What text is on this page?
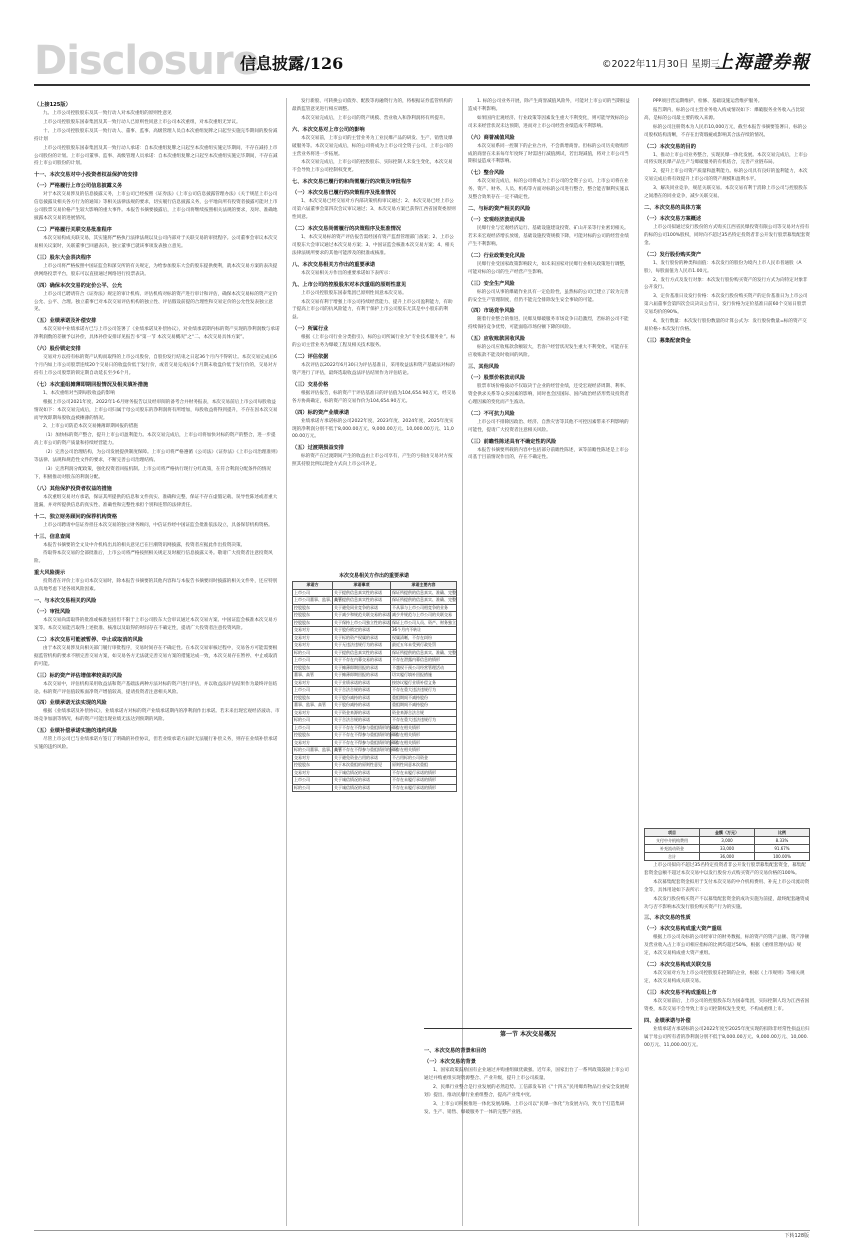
Disclosure
信息披露/126	©2022年11月30日 星期三
上海證券報
（上接125版）
九、上市公司控股股东及其一致行动人对本次重组的原则性意见
上市公司控股股东国泰集团及其一致行动人已原则性同意上市公司本次重组，对本次重组无异议。
十、上市公司控股股东及其一致行动人、董事、监事、高级管理人员自本次重组复牌之日起至实施完毕期间的股份减持计划
上市公司控股股东国泰集团及其一致行动人承诺：自本次重组复牌之日起至本次重组实施完毕期间，不存在减持上市公司股份的计划。上市公司董事、监事、高级管理人员承诺：自本次重组复牌之日起至本次重组实施完毕期间，不存在减持上市公司股份的计划。
十一、本次交易对中小投资者权益保护的安排
（一）严格履行上市公司信息披露义务
对于本次交易涉及的信息披露义务，上市公司已经按照《证券法》《上市公司信息披露管理办法》《关于规范上市公司信息披露及相关各方行为的通知》等相关法律法规的要求，切实履行信息披露义务，公平地向所有投资者披露可能对上市公司股票交易价格产生较大影响的重大事件。本报告书摘要披露后，上市公司将继续按照相关法规的要求，及时、准确地披露本次交易的进展情况。
（二）严格履行关联交易批准程序
本次交易构成关联交易，其实施将严格执行法律法规以及公司内部对于关联交易的审批程序。公司董事会审议本次交易相关议案时，关联董事已回避表决，独立董事已就该事项发表独立意见。
（三）股东大会表决程序
上市公司将严格按照中国证监会和深交所的有关规定，为给参加股东大会的股东提供便利，就本次交易方案的表决提供网络投票平台，股东可以直接通过网络进行投票表决。
（四）确保本次交易的定价公平、公允
上市公司已聘请符合《证券法》规定的审计机构、评估机构对标的资产进行审计和评估，确保本次交易标的资产定价公允、公平、合理。独立董事已对本次交易评估机构的独立性、评估假设前提的合理性和交易定价的公允性发表独立意见。
（五）业绩承诺及补偿安排
本次交易中业绩承诺方已与上市公司签署了《业绩承诺及补偿协议》，对业绩承诺期内标的资产实现的净利润数与承诺净利润数的差额予以补偿，具体补偿安排详见报告书“第一节 本次交易概况”之“二、本次交易具体方案”。
（六）股份锁定安排
交易对方以持有标的资产认购而取得的上市公司股份，自股份发行结束之日起36个月内不得转让。本次交易完成后6个月内如上市公司股票连续20个交易日的收盘价低于发行价，或者交易完成后6个月期末收盘价低于发行价的，交易对方持有上市公司股票的锁定期自动延长至少6个月。
（七）本次重组摊薄即期回报情况及相关填补措施
1、本次重组对当期每股收益的影响
根据上市公司2021年度、2022年1-6月财务报告以及经审阅的备考合并财务报表，本次交易前后上市公司每股收益情况如下：本次交易完成后，上市公司归属于母公司股东的净利润将有所增加，每股收益将得到提升，不存在因本次交易而导致即期每股收益被摊薄的情况。
2、上市公司防范本次交易摊薄即期回报的措施
（1）加快标的资产整合，提升上市公司盈利能力。本次交易完成后，上市公司将加快对标的资产的整合，进一步提高上市公司的资产质量和持续经营能力。
（2）完善公司治理结构，为公司发展提供制度保障。上市公司将严格遵循《公司法》《证券法》《上市公司治理准则》等法律、法规和规范性文件的要求，不断完善公司治理结构。
（3）完善利润分配政策，强化投资者回报机制。上市公司将严格执行现行分红政策，在符合利润分配条件的情况下，积极推动对股东的利润分配。
（八）其他保护投资者权益的措施
本次重组交易对方承诺，保证其所提供的信息和文件真实、准确和完整，保证不存在虚假记载、误导性陈述或者重大遗漏，并对所提供信息的真实性、准确性和完整性承担个别和连带的法律责任。
十二、独立财务顾问的保荐机构资格
上市公司聘请中信证券担任本次交易的独立财务顾问，中信证券经中国证监会批准依法设立，具备保荐机构资格。
十三、信息查阅
本报告书摘要的全文及中介机构出具的相关意见已在巨潮资讯网披露，投资者应据此作出投资决策。
待取得本次交易的全部批准后，上市公司将严格按照相关规定及时履行信息披露义务。敬请广大投资者注意投资风险。
重大风险提示
投资者在评价上市公司本次交易时，除本报告书摘要的其他内容和与本报告书摘要同时披露的相关文件外，还应特别认真地考虑下述各项风险因素。
一、与本次交易相关的风险
（一）审批风险
本次交易尚需取得的批准或核准包括但不限于上市公司股东大会审议通过本次交易方案、中国证监会核准本次交易方案等。本次交易能否取得上述批准、核准以及取得的时间存在不确定性，提请广大投资者注意投资风险。
（二）本次交易可能被暂停、中止或取消的风险
由于本次交易涉及向相关部门履行审批程序，交易时间存在不确定性。在本次交易审核过程中，交易各方可能需要根据监管机构的要求不断完善交易方案，如交易各方无法就完善交易方案的措施达成一致，本次交易存在暂停、中止或取消的可能。
（三）标的资产评估增值率较高的风险
本次交易中，评估机构采用收益法和资产基础法两种方法对标的资产进行评估，并以收益法评估结果作为最终评估结论。标的资产评估值较账面净资产增值较高，提请投资者注意相关风险。
（四）业绩承诺无法实现的风险
根据《业绩承诺及补偿协议》，业绩承诺方对标的资产业绩承诺期内的净利润作出承诺。若未来出现宏观经济波动、市场竞争加剧等情况，标的资产可能出现业绩无法达到预期的风险。
（五）业绩补偿承诺实施的违约风险
尽管上市公司已与业绩承诺方签订了明确的补偿协议，但若业绩承诺方届时无法履行补偿义务，则存在业绩补偿承诺实施的违约风险。
发行新股、可转换公司债券、配股等再融资行为的，将根据证券监管机构的最新监管意见进行相应调整。
本次交易完成后，上市公司的资产规模、营业收入和净利润将有所提升。
六、本次交易对上市公司的影响
本次交易前，上市公司的主营业务为工业民爆产品的研发、生产、销售及爆破服务等。本次交易完成后，标的公司将成为上市公司全资子公司，上市公司的主营业务将进一步拓展。
本次交易完成后，上市公司的控股股东、实际控制人未发生变化，本次交易不会导致上市公司控制权变更。
七、本次交易已履行的和尚需履行的决策及审批程序
（一）本次交易已履行的决策程序及批准情况
1、本次交易已经交易对方内部决策机构审议通过；2、本次交易已经上市公司第六届董事会第四次会议审议通过；3、本次交易方案已获得江西省国资委原则性同意。
（二）本次交易尚需履行的决策程序及批准情况
1、本次交易标的资产评估报告需经国有资产监督管理部门备案；2、上市公司股东大会审议通过本次交易方案；3、中国证监会核准本次交易方案；4、相关法律法规所要求的其他可能涉及的批准或核准。
八、本次交易相关方作出的重要承诺
本次交易相关方作出的重要承诺如下表所示：
九、上市公司的控股股东对本次重组的原则性意见
上市公司控股股东国泰集团已原则性同意本次交易。
本次交易有利于增强上市公司持续经营能力、提升上市公司盈利能力，有助于提高上市公司的抗风险能力，有利于保护上市公司股东尤其是中小股东的利益。
（一）所属行业
根据《上市公司行业分类指引》，标的公司所属行业为“专业技术服务业”。标的公司主营业务为爆破工程及相关技术服务。
（二）评估依据
本次评估以2022年6月30日为评估基准日，采用收益法和资产基础法对标的资产进行了评估，最终选取收益法评估结果作为评估结论。
（三）交易价格
根据评估报告，标的资产于评估基准日的评估值为104,654.90万元，经交易各方协商确定，标的资产的交易作价为104,654.90万元。
（四）标的资产业绩承诺
业绩承诺方承诺标的公司2022年度、2023年度、2024年度、2025年度实现的净利润分别不低于8,000.00万元、9,000.00万元、10,000.00万元、11,000.00万元。
（五）过渡期损益安排
标的资产在过渡期间产生的收益由上市公司享有，产生的亏损由交易对方按照其持股比例以现金方式向上市公司补足。
1. 标的公司业务开展，除产生商誉减值风险外，可能对上市公司的当期损益造成不利影响。
如果国内宏观经济、行业政策等因素发生重大不利变化，则可能导致标的公司未来经营状况未达预期，进而对上市公司经营业绩造成不利影响。
（六）商誉减值风险
本次交易系同一控制下的企业合并，不会新增商誉。但标的公司历史收购形成的商誉在未来每年年度终了时需进行减值测试，若出现减值，将对上市公司当期损益造成不利影响。
（七）整合风险
本次交易完成后，标的公司将成为上市公司的全资子公司。上市公司将在业务、资产、财务、人员、机构等方面对标的公司进行整合，整合能否顺利实施以及整合效果存在一定不确定性。
二、与标的资产相关的风险
（一）宏观经济波动风险
民爆行业与宏观经济运行、基础设施建设投资、矿山开采等行业密切相关。若未来宏观经济增长放缓，基础设施投资规模下降，可能对标的公司的经营业绩产生不利影响。
（二）行业政策变化风险
民爆行业受国家政策影响较大，如未来国家对民爆行业相关政策进行调整，可能对标的公司的生产经营产生影响。
（三）安全生产风险
标的公司从事的爆破作业具有一定危险性，虽然标的公司已建立了较为完善的安全生产管理制度，但仍不能完全排除发生安全事故的可能。
（四）市场竞争风险
随着行业整合的推进，民爆及爆破服务市场竞争日趋激烈，若标的公司不能持续保持竞争优势，可能面临市场份额下降的风险。
（五）应收账款回收风险
标的公司应收账款余额较大，若客户经营状况发生重大不利变化，可能存在应收账款不能及时收回的风险。
三、其他风险
（一）股票价格波动风险
股票市场价格波动不仅取决于企业的经营业绩，还受宏观经济周期、利率、资金供求关系等众多因素的影响，同时也会因国际、国内政治经济形势及投资者心理因素的变化而产生波动。
（二）不可抗力风险
上市公司不排除因政治、经济、自然灾害等其他不可控因素带来不利影响的可能性，提请广大投资者注意相关风险。
（三）前瞻性陈述具有不确定性的风险
本报告书摘要所载的内容中包括部分前瞻性陈述，该等前瞻性陈述是上市公司基于目前情况作出的，存在不确定性。
PPP项目营运期维护、检修、基础设施运营维护服务。
报告期内，标的公司主营业务收入构成情况如下：爆破服务业务收入占比较高，是标的公司最主要的收入来源。
标的公司注册资本为人民币10,000万元，截至本报告书摘要签署日，标的公司股权结构清晰，不存在出资瑕疵或影响其合法存续的情况。
（二）本次交易的目的
1、推动上市公司业务整合，实现民爆一体化发展。本次交易完成后，上市公司将实现民爆产品生产与爆破服务的有机结合，完善产业链布局。
2、提升上市公司资产质量和盈利能力。标的公司具有良好的盈利能力，本次交易完成后将有效提升上市公司的资产规模和盈利水平。
3、解决同业竞争，规范关联交易。本次交易有利于消除上市公司与控股股东之间潜在的同业竞争，减少关联交易。
二、本次交易的具体方案
（一）本次交易方案概述
上市公司拟通过发行股份的方式购买江西省民爆投资有限公司等交易对方持有的标的公司100%股权，同时向不超过35名特定投资者非公开发行股票募集配套资金。
（二）发行股份购买资产
1、发行股份的种类和面值：本次发行的股份为境内上市人民币普通股（A股），每股面值为人民币1.00元。
2、发行方式及发行对象：本次发行股份购买资产的发行方式为向特定对象非公开发行。
3、定价基准日及发行价格：本次发行股份购买资产的定价基准日为上市公司第六届董事会第四次会议决议公告日，发行价格为定价基准日前60个交易日股票交易均价的90%。
4、发行数量：本次发行股份数量的计算公式为：发行股份数量=标的资产交易价格÷本次发行价格。
（三）募集配套资金
本次交易相关方作出的重要承诺
承诺方	承诺事项	承诺主要内容
上市公司	关于提供信息真实性的承诺	保证所提供的信息真实、准确、完整
上市公司董事、监事、高管	关于提供信息真实性的承诺	保证所提供的信息真实、准确、完整
控股股东	关于避免同业竞争的承诺	不从事与上市公司相竞争的业务
控股股东	关于减少和规范关联交易的承诺	减少并规范与上市公司的关联交易
控股股东	关于保持上市公司独立性的承诺	保证上市公司人员、资产、财务独立
交易对方	关于股份锁定的承诺	36个月内不转让
交易对方	关于标的资产权属的承诺	权属清晰，不存在纠纷
交易对方	关于无违法违规行为的承诺	最近五年未受到行政处罚
标的公司	关于提供信息真实性的承诺	保证所提供的信息真实、准确、完整
上市公司	关于不存在内幕交易的承诺	不存在泄露内幕信息的情形
控股股东	关于摊薄即期回报的承诺	不越权干预公司经营管理活动
董事、高管	关于摊薄即期回报的承诺	切实履行填补回报措施
交易对方	关于业绩承诺的承诺	按协议履行业绩补偿义务
上市公司	关于合法合规的承诺	不存在重大违法违规行为
控股股东	关于股份减持的承诺	重组期间不减持股份
董事、监事、高管	关于股份减持的承诺	重组期间不减持股份
交易对方	关于资金来源的承诺	资金来源合法合规
标的公司	关于合法合规的承诺	不存在重大违法违规行为
上市公司	关于不存在不得参与重组情形的承诺	不存在相关情形
控股股东	关于不存在不得参与重组情形的承诺	不存在相关情形
交易对方	关于不存在不得参与重组情形的承诺	不存在相关情形
标的公司董事、监事、高管	关于不存在不得参与重组情形的承诺	不存在相关情形
交易对方	关于避免资金占用的承诺	不占用标的公司资金
控股股东	关于本次重组的原则性意见	原则性同意本次重组
交易对方	关于诚信情况的承诺	不存在未履行承诺的情形
上市公司	关于诚信情况的承诺	不存在未履行承诺的情形
标的公司	关于诚信情况的承诺	不存在未履行承诺的情形
第一节 本次交易概况
一、本次交易的背景和目的
（一）本次交易的背景
1、国家政策鼓励国有企业通过并购重组做优做强。近年来，国家出台了一系列政策鼓励上市公司通过并购重组实现资源整合、产业升级，提升上市公司质量。
2、民爆行业整合是行业发展的必然趋势。工信部发布的《“十四五”民用爆炸物品行业安全发展规划》提出，推动民爆行业重组整合，提高产业集中度。
3、上市公司积极推进一体化发展战略。上市公司以“民爆一体化”为发展方向，致力于打造集研发、生产、销售、爆破服务于一体的完整产业链。
项目	金额（万元）	比例
支付中介机构费用	3,000	8.33%
补充流动资金	33,000	91.67%
合计	36,000	100.00%
上市公司拟向不超过35名特定投资者非公开发行股票募集配套资金，募集配套资金总额不超过本次交易中以发行股份方式购买资产的交易价格的100%。
本次募集配套资金拟用于支付本次交易的中介机构费用、补充上市公司流动资金等，具体用途如下表所示：
本次发行股份购买资产不以募集配套资金的成功实施为前提，最终配套融资成功与否不影响本次发行股份购买资产行为的实施。
三、本次交易的性质
（一）本次交易构成重大资产重组
根据上市公司及标的公司经审计的财务数据，标的资产的资产总额、资产净额及营业收入占上市公司相应指标的比例均超过50%，根据《重组管理办法》规定，本次交易构成重大资产重组。
（二）本次交易构成关联交易
本次交易对方为上市公司控股股东控制的企业，根据《上市规则》等相关规定，本次交易构成关联交易。
（三）本次交易不构成重组上市
本次交易前后，上市公司的控股股东均为国泰集团，实际控制人均为江西省国资委，本次交易不会导致上市公司控制权发生变更，不构成重组上市。
四、业绩承诺与补偿
业绩承诺方承诺标的公司2022年度至2025年度实现的扣除非经常性损益后归属于母公司所有者的净利润分别不低于8,000.00万元、9,000.00万元、10,000.00万元、11,000.00万元。
下转128版
